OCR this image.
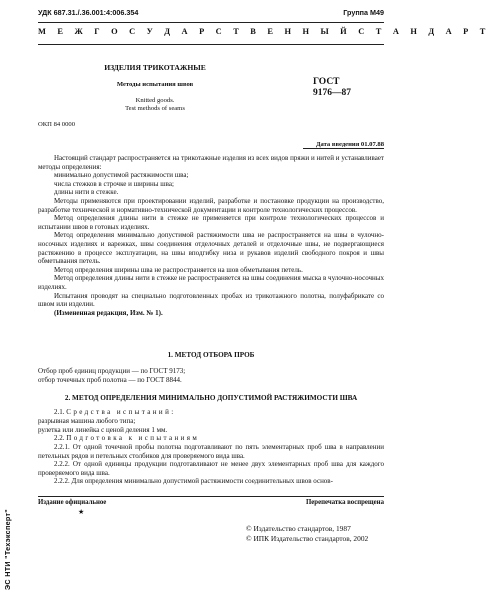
ЭС НТИ "Техэксперт"
УДК 687.31./.36.001:4:006.354	Группа М49
М Е Ж Г О С У Д А Р С Т В Е Н Н Ы Й С Т А Н Д А Р Т
ИЗДЕЛИЯ ТРИКОТАЖНЫЕ
Методы испытания швов
Knitted goods.
Test methods of seams
ГОСТ
9176—87
ОКП 84 0000
Дата введения 01.07.88

Настоящий стандарт распространяется на трикотажные изделия из всех видов пряжи и нитей и устанавливает методы определения:

минимально допустимой растяжимости шва;

числа стежков в строчке и ширины шва;

длины нити в стежке.

Методы применяются при проектировании изделий, разработке и постановке продукции на производство, разработке технической и нормативно-технической документации и контроле технологических процессов.

Метод определения длины нити в стежке не применяется при контроле технологических процессов и испытании швов в готовых изделиях.

Метод определения минимально допустимой растяжимости шва не распространяется на швы в чулочно-носочных изделиях и варежках, швы соединения отделочных деталей и отделочные швы, не подвергающиеся растяжению в процессе эксплуатации, на швы вподгибку низа и рукавов изделий свободного покроя и швы обметывания петель.

Метод определения ширины шва не распространяется на шов обметывания петель.

Метод определения длины нити в стежке не распространяется на швы соединения мыска в чулочно-носочных изделиях.

Испытания проводят на специально подготовленных пробах из трикотажного полотна, полуфабрикате со швом или изделии.

(Измененная редакция, Изм. № 1).

1. МЕТОД ОТБОРА ПРОБ
Отбор проб единиц продукции — по ГОСТ 9173;
отбор точечных проб полотна — по ГОСТ 8844.
2. МЕТОД ОПРЕДЕЛЕНИЯ МИНИМАЛЬНО ДОПУСТИМОЙ РАСТЯЖИМОСТИ ШВА
2.1. Средства испытаний:
разрывная машина любого типа;
рулетка или линейка с ценой деления 1 мм.
2.2. Подготовка к испытаниям

2.2.1. От одной точечной пробы полотна подготавливают по пять элементарных проб шва в направлении петельных рядов и петельных столбиков для проверяемого вида шва.

2.2.2. От одной единицы продукции подготавливают не менее двух элементарных проб шва для каждого проверяемого вида шва.

2.2.2. Для определения минимально допустимой растяжимости соединительных швов основ-

Издание официальное	Перепечатка воспрещена
★
© Издательство стандартов, 1987
© ИПК Издательство стандартов, 2002
